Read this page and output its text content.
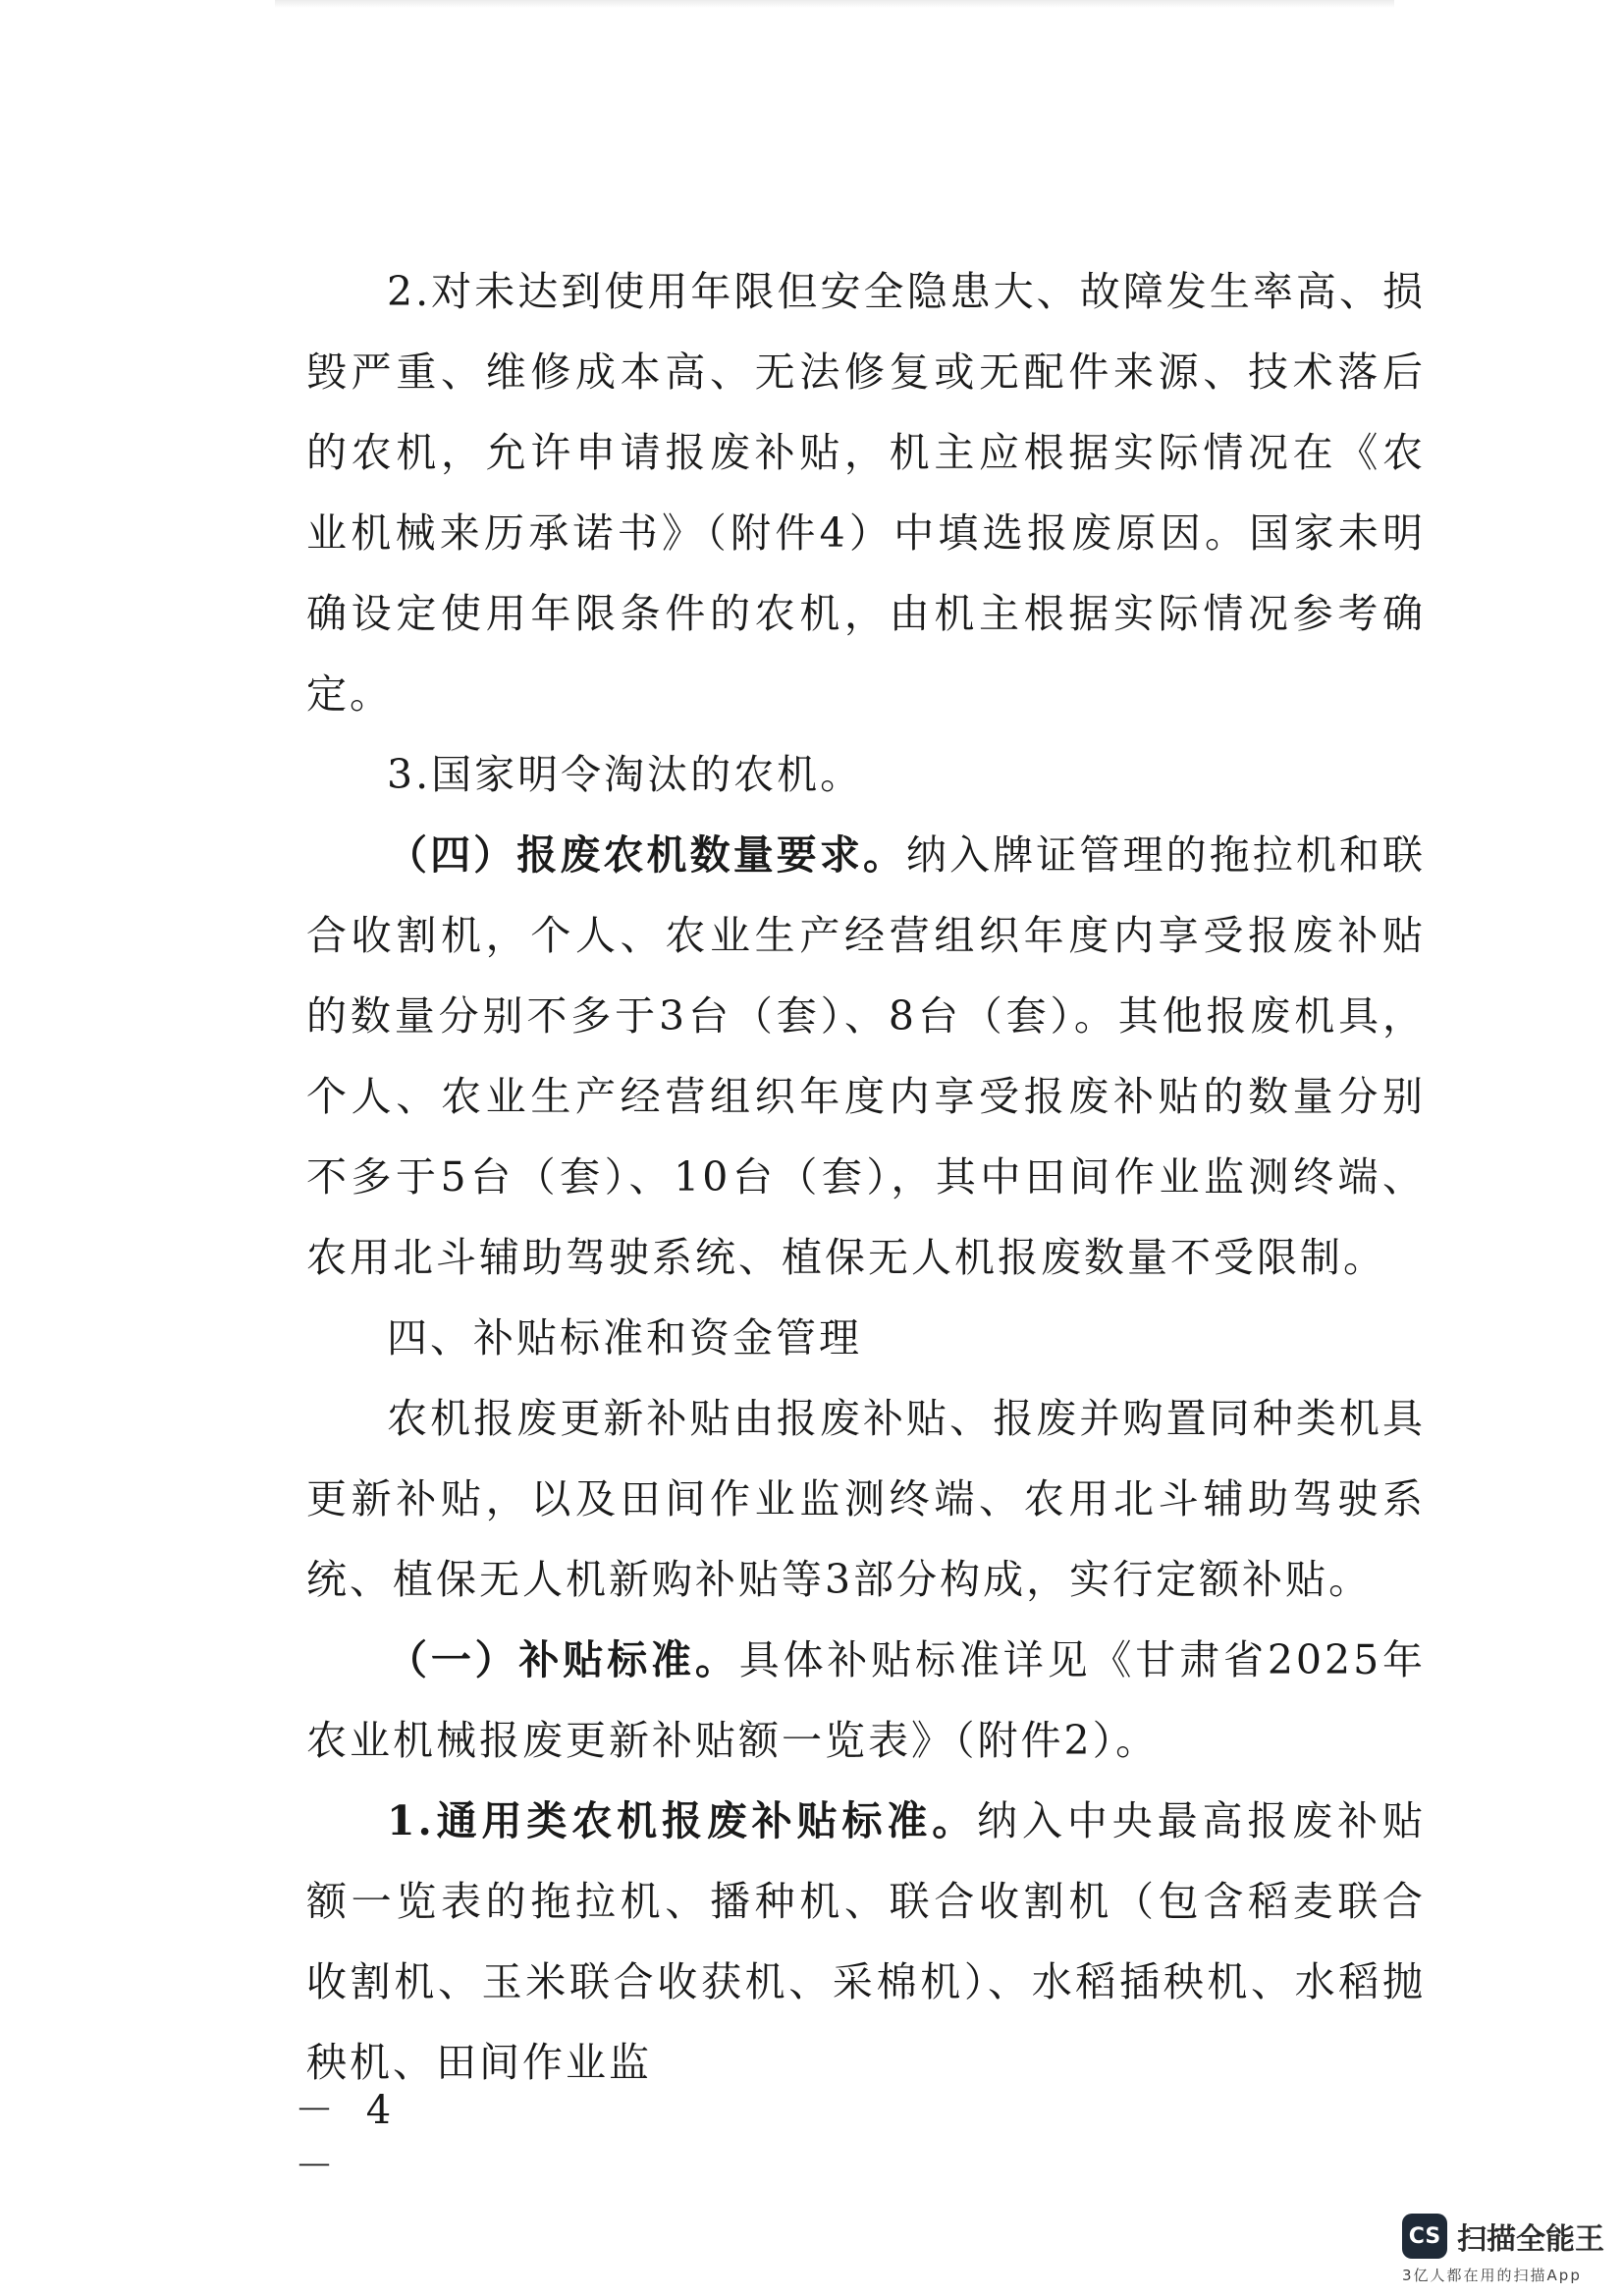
2.对未达到使用年限但安全隐患大、故障发生率高、损毁严重、维修成本高、无法修复或无配件来源、技术落后的农机，允许申请报废补贴，机主应根据实际情况在《农业机械来历承诺书》（附件4）中填选报废原因。国家未明确设定使用年限条件的农机，由机主根据实际情况参考确定。

3.国家明令淘汰的农机。

（四）报废农机数量要求。纳入牌证管理的拖拉机和联合收割机，个人、农业生产经营组织年度内享受报废补贴的数量分别不多于3台（套）、8台（套）。其他报废机具，个人、农业生产经营组织年度内享受报废补贴的数量分别不多于5台（套）、10台（套），其中田间作业监测终端、农用北斗辅助驾驶系统、植保无人机报废数量不受限制。

四、补贴标准和资金管理

农机报废更新补贴由报废补贴、报废并购置同种类机具更新补贴，以及田间作业监测终端、农用北斗辅助驾驶系统、植保无人机新购补贴等3部分构成，实行定额补贴。

（一）补贴标准。具体补贴标准详见《甘肃省2025年农业机械报废更新补贴额一览表》（附件2）。

1.通用类农机报废补贴标准。纳入中央最高报废补贴额一览表的拖拉机、播种机、联合收割机（包含稻麦联合收割机、玉米联合收获机、采棉机）、水稻插秧机、水稻抛秧机、田间作业监

－ 4 －
CS 扫描全能王
3亿人都在用的扫描App
